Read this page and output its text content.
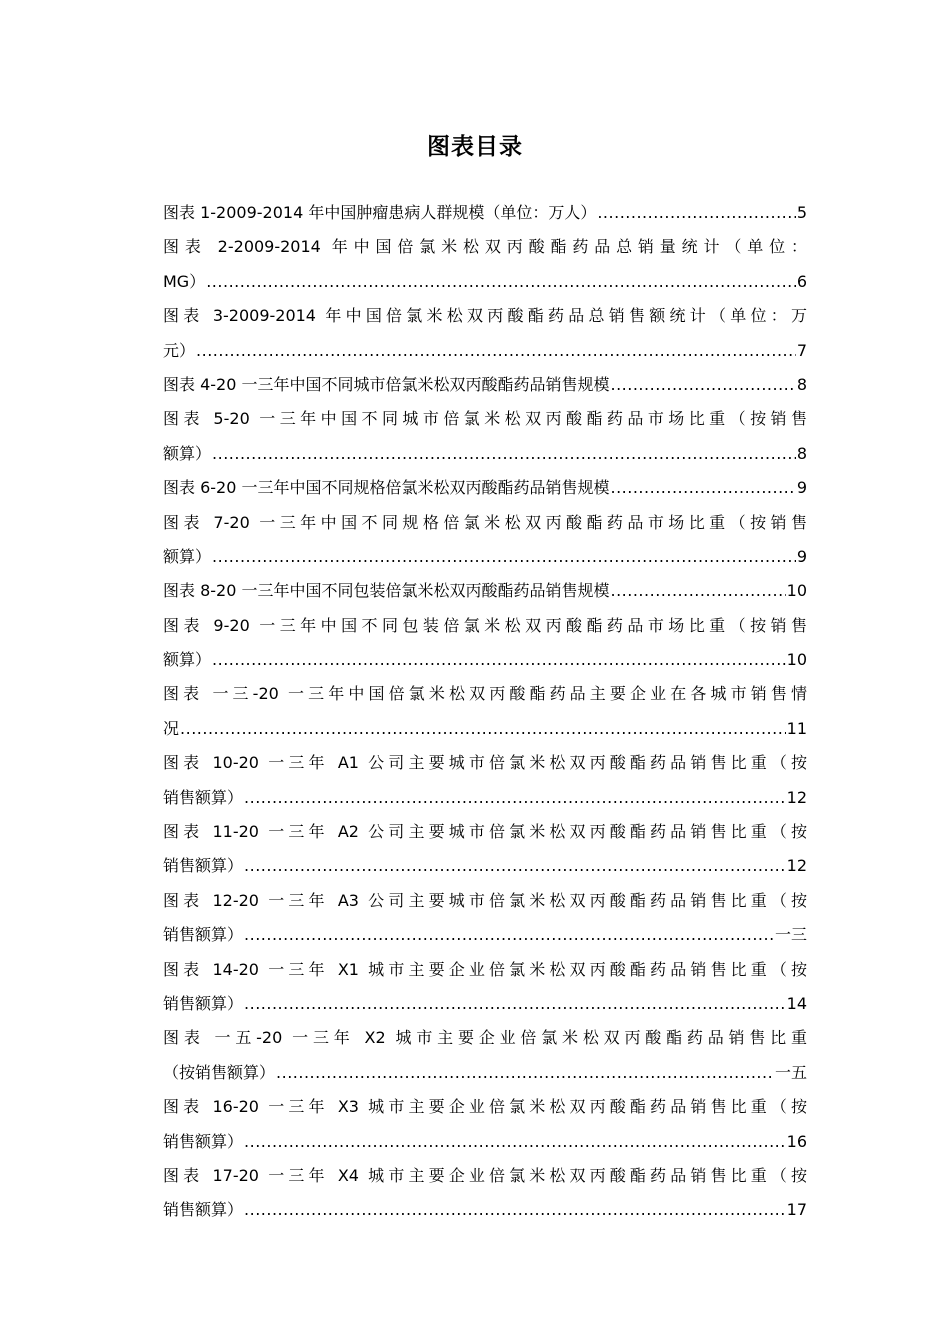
图表目录
图表 1-2009-2014 年中国肿瘤患病人群规模（单位：万人） .....	5
图表 2-2009-2014 年中国倍氯米松双丙酸酯药品总销量统计（单位：
MG） .....	6
图表 3-2009-2014 年中国倍氯米松双丙酸酯药品总销售额统计（单位：万
元） .....	7
图表 4-20 一三年中国不同城市倍氯米松双丙酸酯药品销售规模 .....	8
图表 5-20 一三年中国不同城市倍氯米松双丙酸酯药品市场比重（按销售
额算） .....	8
图表 6-20 一三年中国不同规格倍氯米松双丙酸酯药品销售规模 .....	9
图表 7-20 一三年中国不同规格倍氯米松双丙酸酯药品市场比重（按销售
额算） .....	9
图表 8-20 一三年中国不同包装倍氯米松双丙酸酯药品销售规模 .....	10
图表 9-20 一三年中国不同包装倍氯米松双丙酸酯药品市场比重（按销售
额算） .....	10
图表 一三-20 一三年中国倍氯米松双丙酸酯药品主要企业在各城市销售情
况 .....	11
图表 10-20 一三年 A1 公司主要城市倍氯米松双丙酸酯药品销售比重（按
销售额算） .....	12
图表 11-20 一三年 A2 公司主要城市倍氯米松双丙酸酯药品销售比重（按
销售额算） .....	12
图表 12-20 一三年 A3 公司主要城市倍氯米松双丙酸酯药品销售比重（按
销售额算） .....	一三
图表 14-20 一三年 X1 城市主要企业倍氯米松双丙酸酯药品销售比重（按
销售额算） .....	14
图表 一五-20 一三年 X2 城市主要企业倍氯米松双丙酸酯药品销售比重
（按销售额算） .....	一五
图表 16-20 一三年 X3 城市主要企业倍氯米松双丙酸酯药品销售比重（按
销售额算） .....	16
图表 17-20 一三年 X4 城市主要企业倍氯米松双丙酸酯药品销售比重（按
销售额算） .....	17
